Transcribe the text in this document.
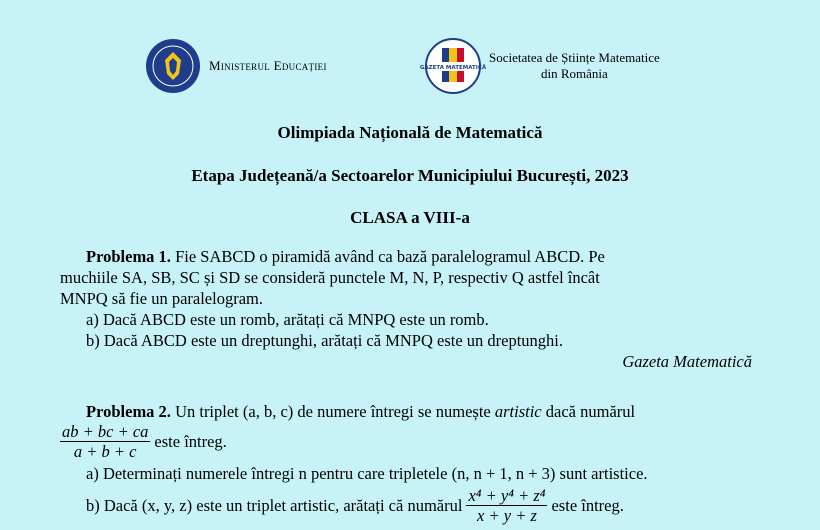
Ministerul Educației	GAZETA MATEMATICĂ
Societatea de Științe Matematice
din România
Olimpiada Națională de Matematică
Etapa Județeană/a Sectoarelor Municipiului București, 2023
CLASA a VIII-a
Problema 1. Fie SABCD o piramidă având ca bază paralelogramul ABCD. Pe
muchiile SA, SB, SC și SD se consideră punctele M, N, P, respectiv Q astfel încât
MNPQ să fie un paralelogram.
a) Dacă ABCD este un romb, arătați că MNPQ este un romb.
b) Dacă ABCD este un dreptunghi, arătați că MNPQ este un dreptunghi.
Gazeta Matematică
Problema 2. Un triplet (a, b, c) de numere întregi se numește artistic dacă numărul
$\frac{ab + bc + ca}{a + b + c}$ este întreg.
a) Determinați numerele întregi n pentru care tripletele (n, n + 1, n + 3) sunt artistice.
b) Dacă (x, y, z) este un triplet artistic, arătați că numărul $\frac{\text{x⁴ + y⁴ + z⁴}}{x + y + z}$ este întreg.
